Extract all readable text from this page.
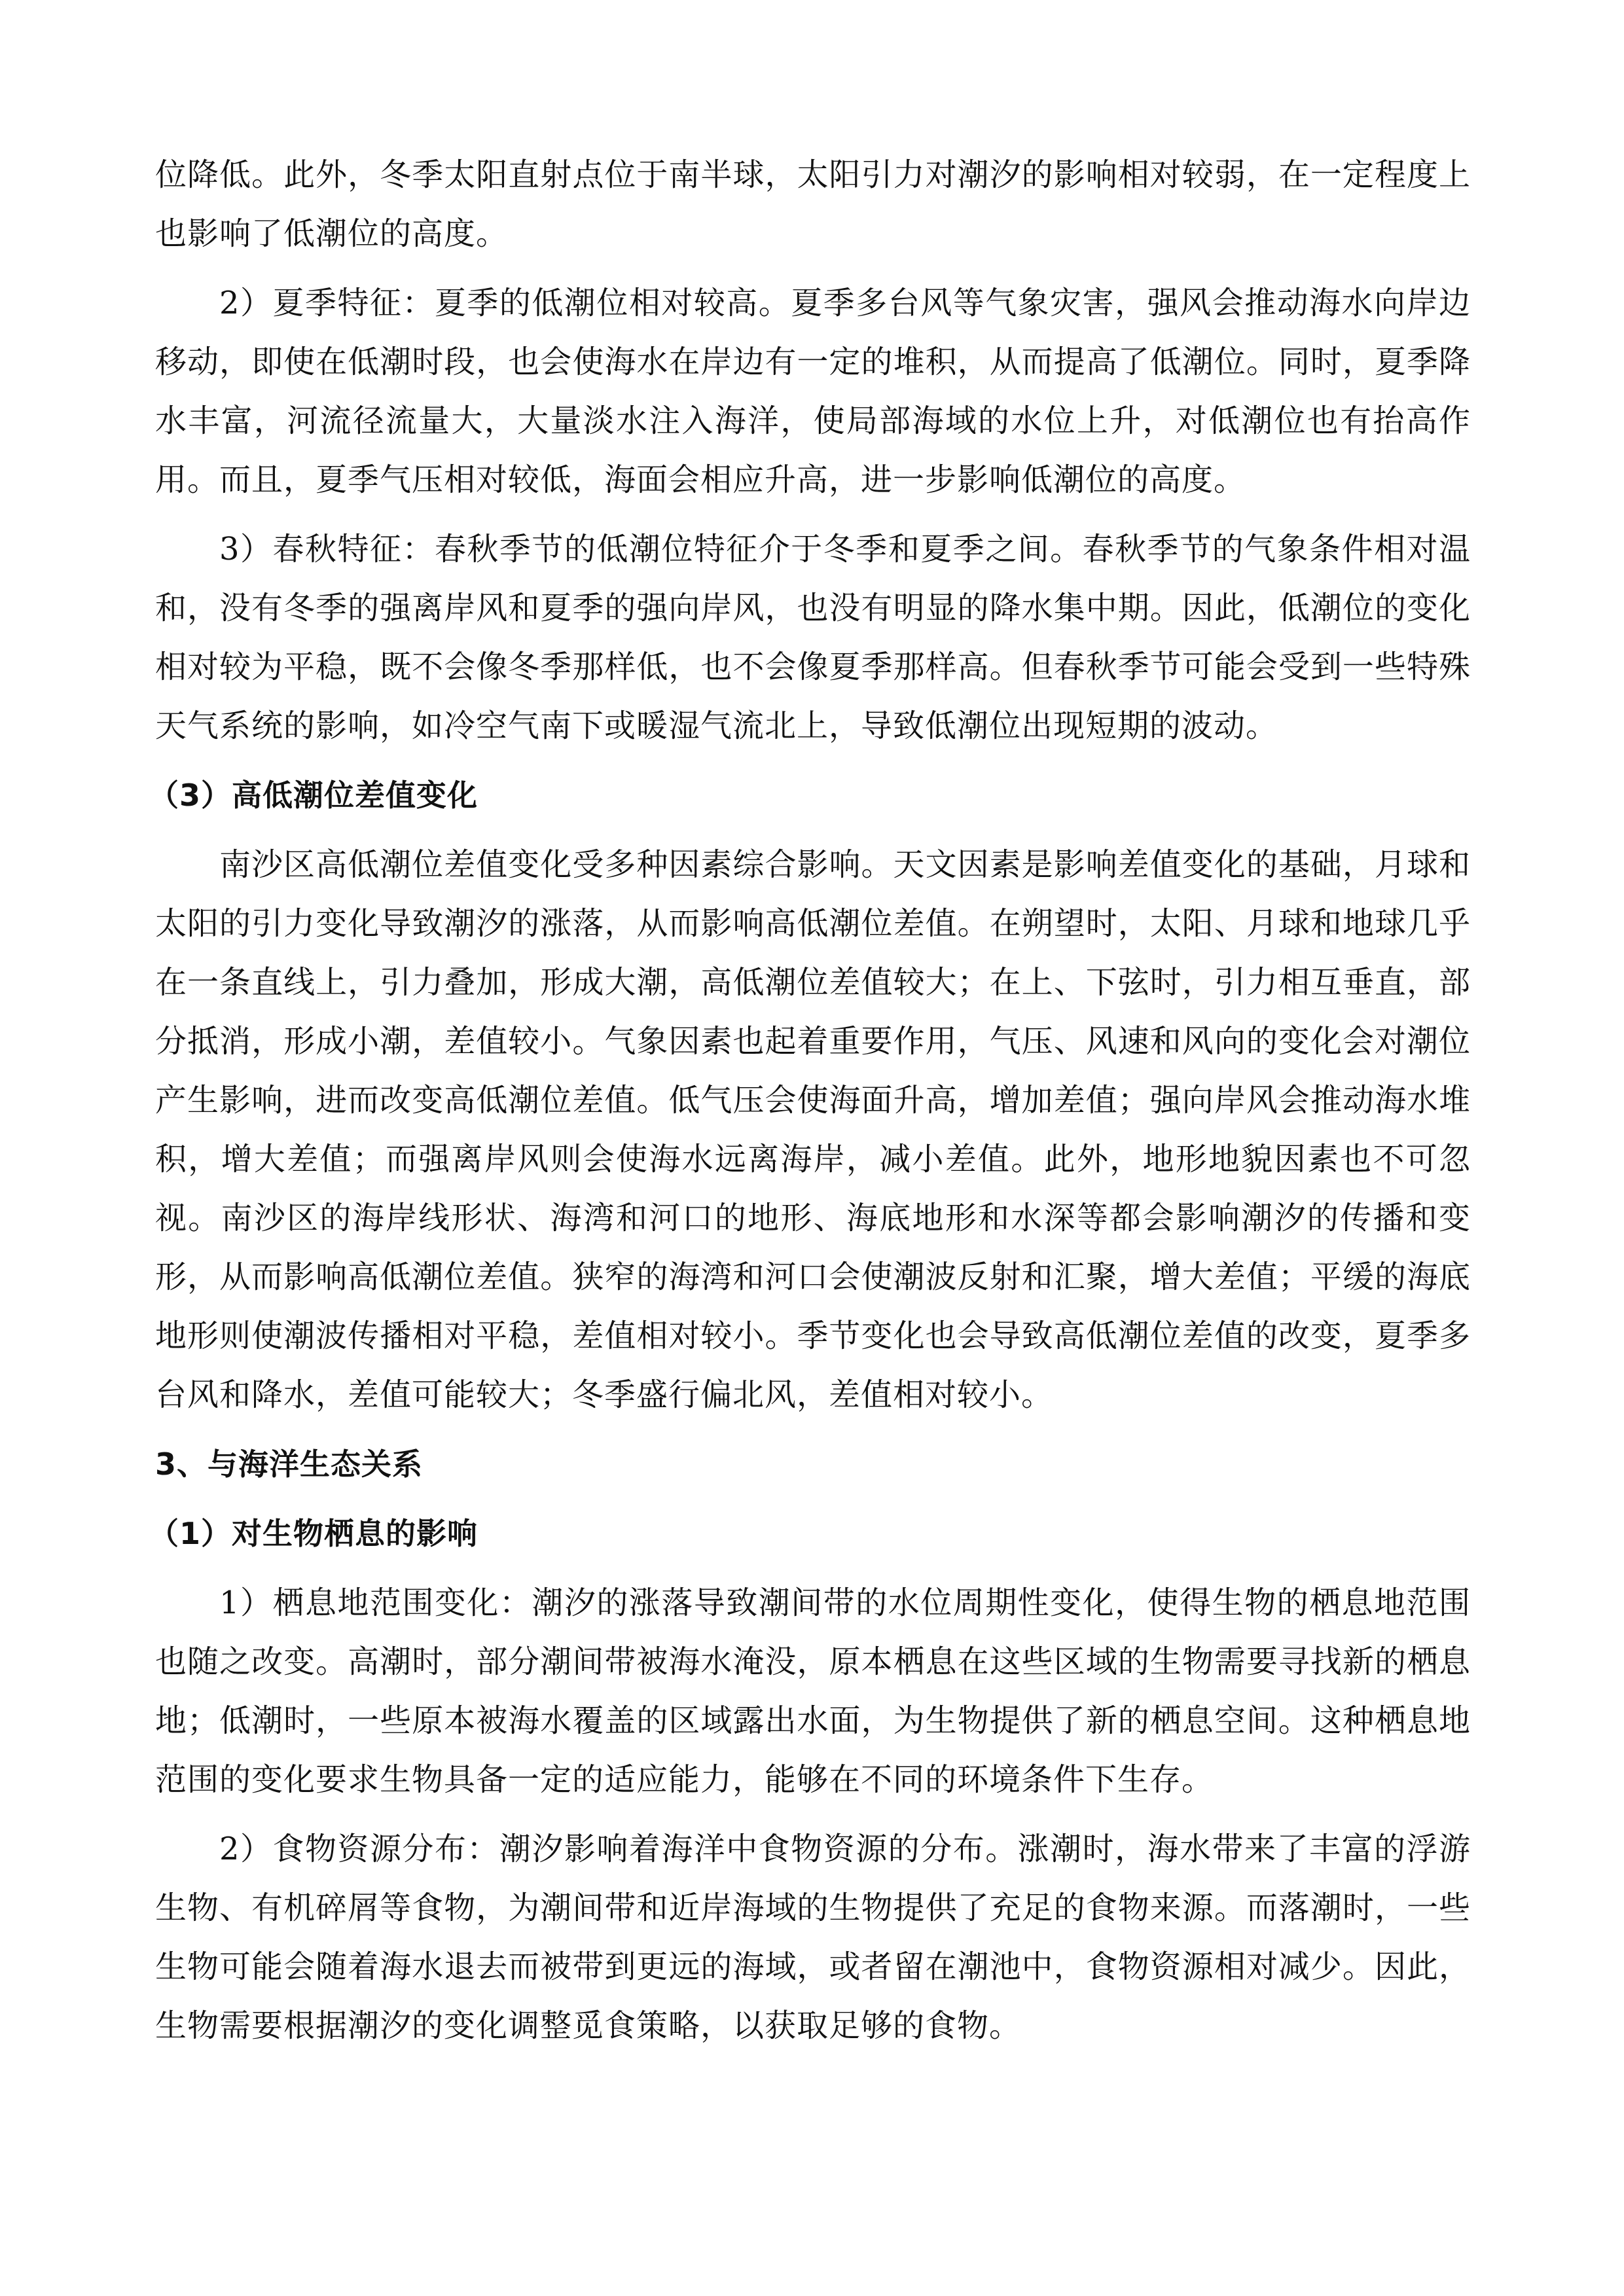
位降低。此外，冬季太阳直射点位于南半球，太阳引力对潮汐的影响相对较弱，在一定程度上也影响了低潮位的高度。

2）夏季特征：夏季的低潮位相对较高。夏季多台风等气象灾害，强风会推动海水向岸边移动，即使在低潮时段，也会使海水在岸边有一定的堆积，从而提高了低潮位。同时，夏季降水丰富，河流径流量大，大量淡水注入海洋，使局部海域的水位上升，对低潮位也有抬高作用。而且，夏季气压相对较低，海面会相应升高，进一步影响低潮位的高度。

3）春秋特征：春秋季节的低潮位特征介于冬季和夏季之间。春秋季节的气象条件相对温和，没有冬季的强离岸风和夏季的强向岸风，也没有明显的降水集中期。因此，低潮位的变化相对较为平稳，既不会像冬季那样低，也不会像夏季那样高。但春秋季节可能会受到一些特殊天气系统的影响，如冷空气南下或暖湿气流北上，导致低潮位出现短期的波动。

（3）高低潮位差值变化

南沙区高低潮位差值变化受多种因素综合影响。天文因素是影响差值变化的基础，月球和太阳的引力变化导致潮汐的涨落，从而影响高低潮位差值。在朔望时，太阳、月球和地球几乎在一条直线上，引力叠加，形成大潮，高低潮位差值较大；在上、下弦时，引力相互垂直，部分抵消，形成小潮，差值较小。气象因素也起着重要作用，气压、风速和风向的变化会对潮位产生影响，进而改变高低潮位差值。低气压会使海面升高，增加差值；强向岸风会推动海水堆积，增大差值；而强离岸风则会使海水远离海岸，减小差值。此外，地形地貌因素也不可忽视。南沙区的海岸线形状、海湾和河口的地形、海底地形和水深等都会影响潮汐的传播和变形，从而影响高低潮位差值。狭窄的海湾和河口会使潮波反射和汇聚，增大差值；平缓的海底地形则使潮波传播相对平稳，差值相对较小。季节变化也会导致高低潮位差值的改变，夏季多台风和降水，差值可能较大；冬季盛行偏北风，差值相对较小。

3、与海洋生态关系
（1）对生物栖息的影响

1）栖息地范围变化：潮汐的涨落导致潮间带的水位周期性变化，使得生物的栖息地范围也随之改变。高潮时，部分潮间带被海水淹没，原本栖息在这些区域的生物需要寻找新的栖息地；低潮时，一些原本被海水覆盖的区域露出水面，为生物提供了新的栖息空间。这种栖息地范围的变化要求生物具备一定的适应能力，能够在不同的环境条件下生存。

2）食物资源分布：潮汐影响着海洋中食物资源的分布。涨潮时，海水带来了丰富的浮游生物、有机碎屑等食物，为潮间带和近岸海域的生物提供了充足的食物来源。而落潮时，一些生物可能会随着海水退去而被带到更远的海域，或者留在潮池中，食物资源相对减少。因此，生物需要根据潮汐的变化调整觅食策略，以获取足够的食物。
